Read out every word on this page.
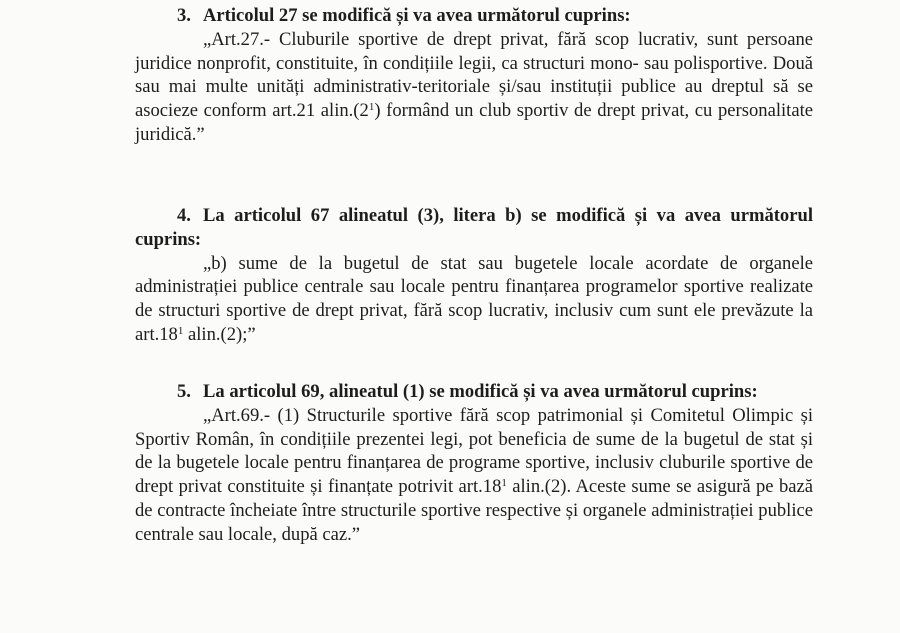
3. Articolul 27 se modifică și va avea următorul cuprins:

„Art.27.- Cluburile sportive de drept privat, fără scop lucrativ, sunt persoane juridice nonprofit, constituite, în condițiile legii, ca structuri mono- sau polisportive. Două sau mai multe unități administrativ-teritoriale și/sau instituții publice au dreptul să se asocieze conform art.21 $alin.(2^1)$ formând un club sportiv de drept privat, cu personalitate juridică.”

4. La articolul 67 alineatul (3), litera b) se modifică și va avea următorul cuprins:

„b) sume de la bugetul de stat sau bugetele locale acordate de organele administrației publice centrale sau locale pentru finanțarea programelor sportive realizate de structuri sportive de drept privat, fără scop lucrativ, inclusiv cum sunt ele prevăzute la $art.18^1$ alin.(2);”

5. La articolul 69, alineatul (1) se modifică și va avea următorul cuprins:

„Art.69.- (1) Structurile sportive fără scop patrimonial și Comitetul Olimpic și Sportiv Român, în condițiile prezentei legi, pot beneficia de sume de la bugetul de stat și de la bugetele locale pentru finanțarea de programe sportive, inclusiv cluburile sportive de drept privat constituite și finanțate potrivit $art.18^1$ alin.(2). Aceste sume se asigură pe bază de contracte încheiate între structurile sportive respective și organele administrației publice centrale sau locale, după caz.”
